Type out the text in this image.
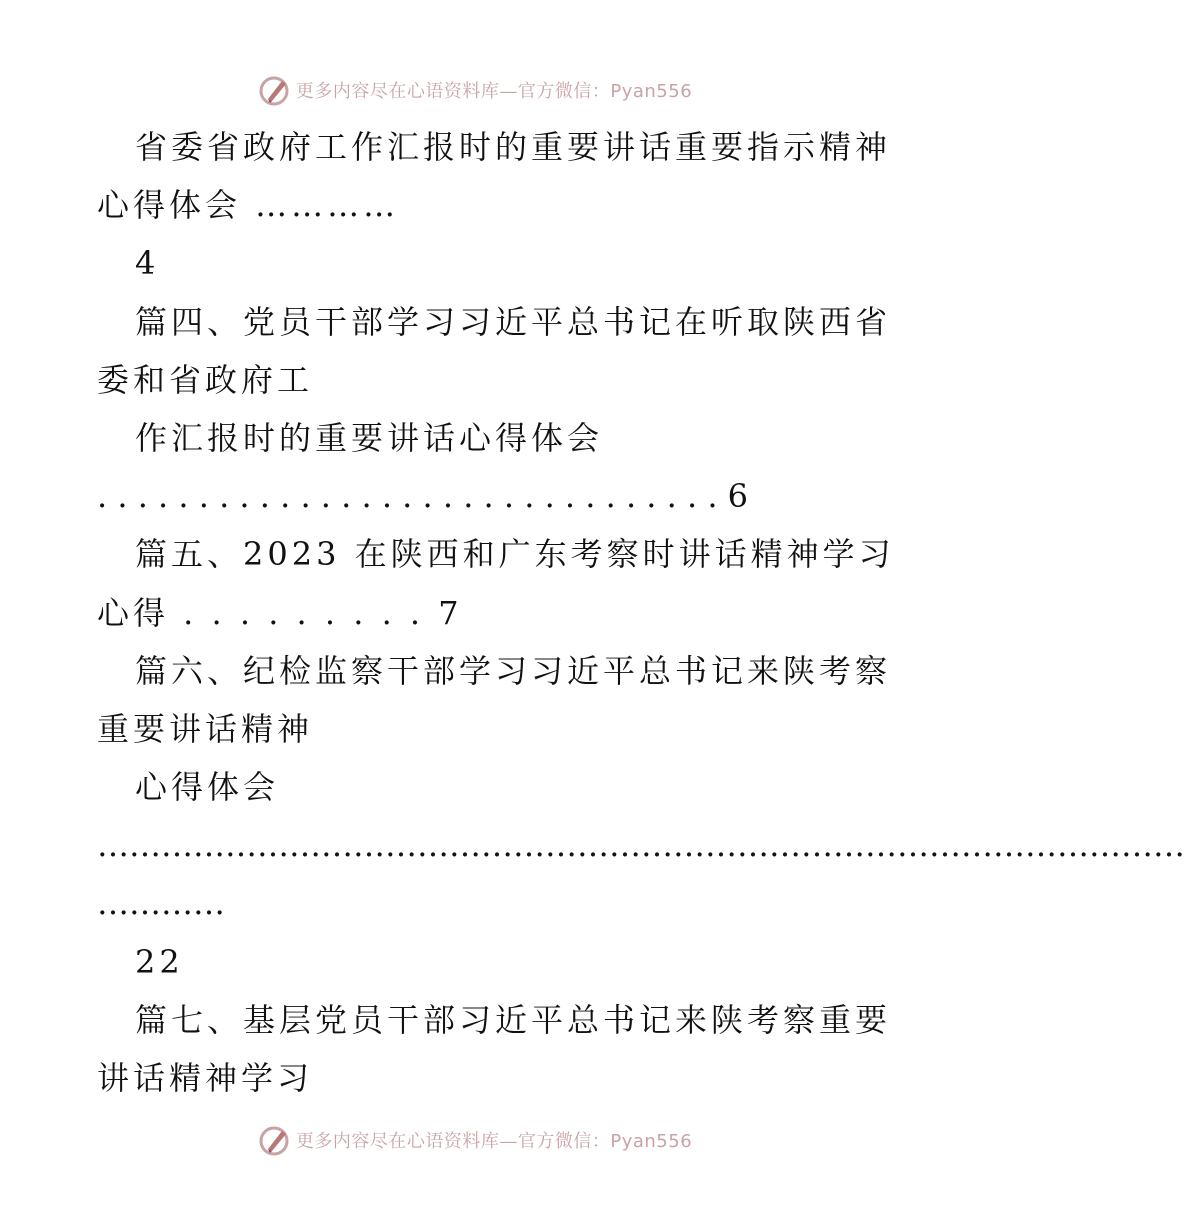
更多内容尽在心语资料库—官方微信：Pyan556
省委省政府工作汇报时的重要讲话重要指示精神
心得体会 …………
4
篇四、党员干部学习习近平总书记在听取陕西省
委和省政府工
作汇报时的重要讲话心得体会
. . . . . . . . . . . . . . . . . . . . . . . . . . . . . . . 6
篇五、2023 在陕西和广东考察时讲话精神学习
心得 . . . . . . . . . 7
篇六、纪检监察干部学习习近平总书记来陕考察
重要讲话精神
心得体会
…………………………………………………………………………………………
…………
22
篇七、基层党员干部习近平总书记来陕考察重要
讲话精神学习
更多内容尽在心语资料库—官方微信：Pyan556
